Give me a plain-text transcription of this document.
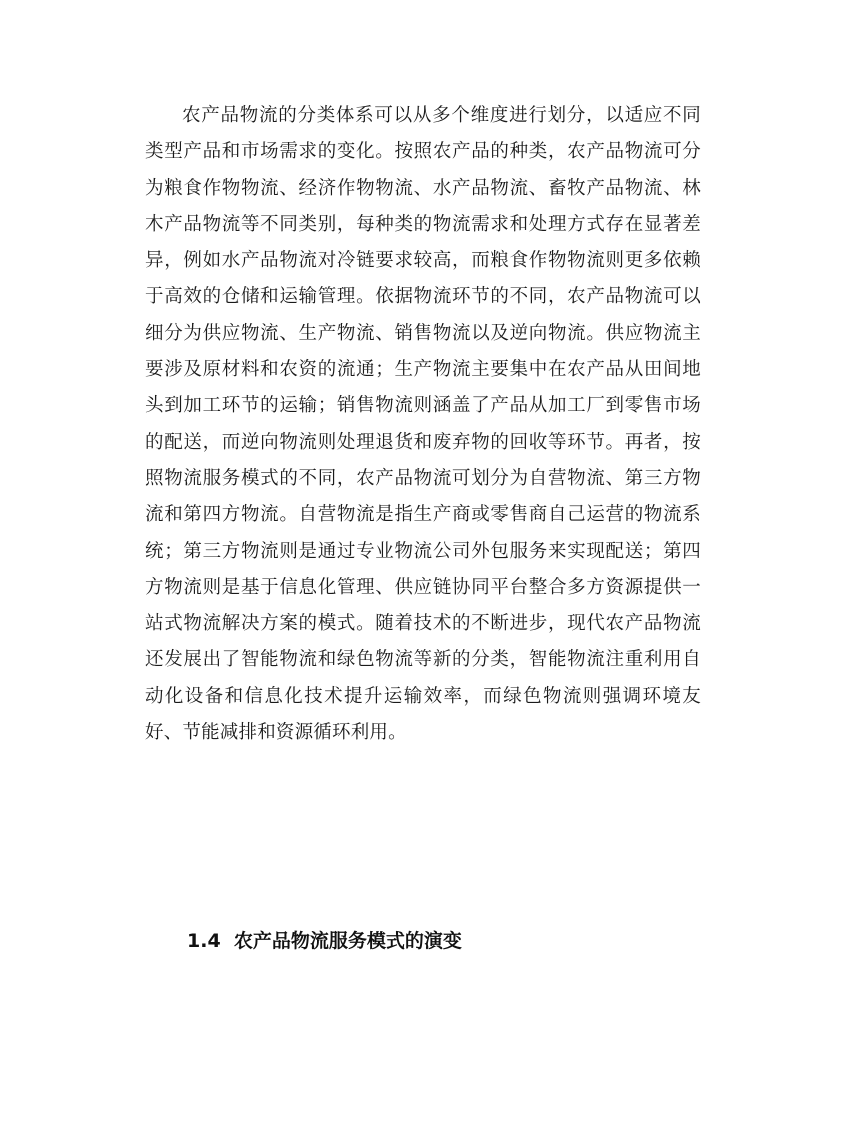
农产品物流的分类体系可以从多个维度进行划分，以适应不同类型产品和市场需求的变化。按照农产品的种类，农产品物流可分为粮食作物物流、经济作物物流、水产品物流、畜牧产品物流、林木产品物流等不同类别，每种类的物流需求和处理方式存在显著差异，例如水产品物流对冷链要求较高，而粮食作物物流则更多依赖于高效的仓储和运输管理。依据物流环节的不同，农产品物流可以细分为供应物流、生产物流、销售物流以及逆向物流。供应物流主要涉及原材料和农资的流通；生产物流主要集中在农产品从田间地头到加工环节的运输；销售物流则涵盖了产品从加工厂到零售市场的配送，而逆向物流则处理退货和废弃物的回收等环节。再者，按照物流服务模式的不同，农产品物流可划分为自营物流、第三方物流和第四方物流。自营物流是指生产商或零售商自己运营的物流系统；第三方物流则是通过专业物流公司外包服务来实现配送；第四方物流则是基于信息化管理、供应链协同平台整合多方资源提供一站式物流解决方案的模式。随着技术的不断进步，现代农产品物流还发展出了智能物流和绿色物流等新的分类，智能物流注重利用自动化设备和信息化技术提升运输效率，而绿色物流则强调环境友好、节能减排和资源循环利用。

1.4  农产品物流服务模式的演变
